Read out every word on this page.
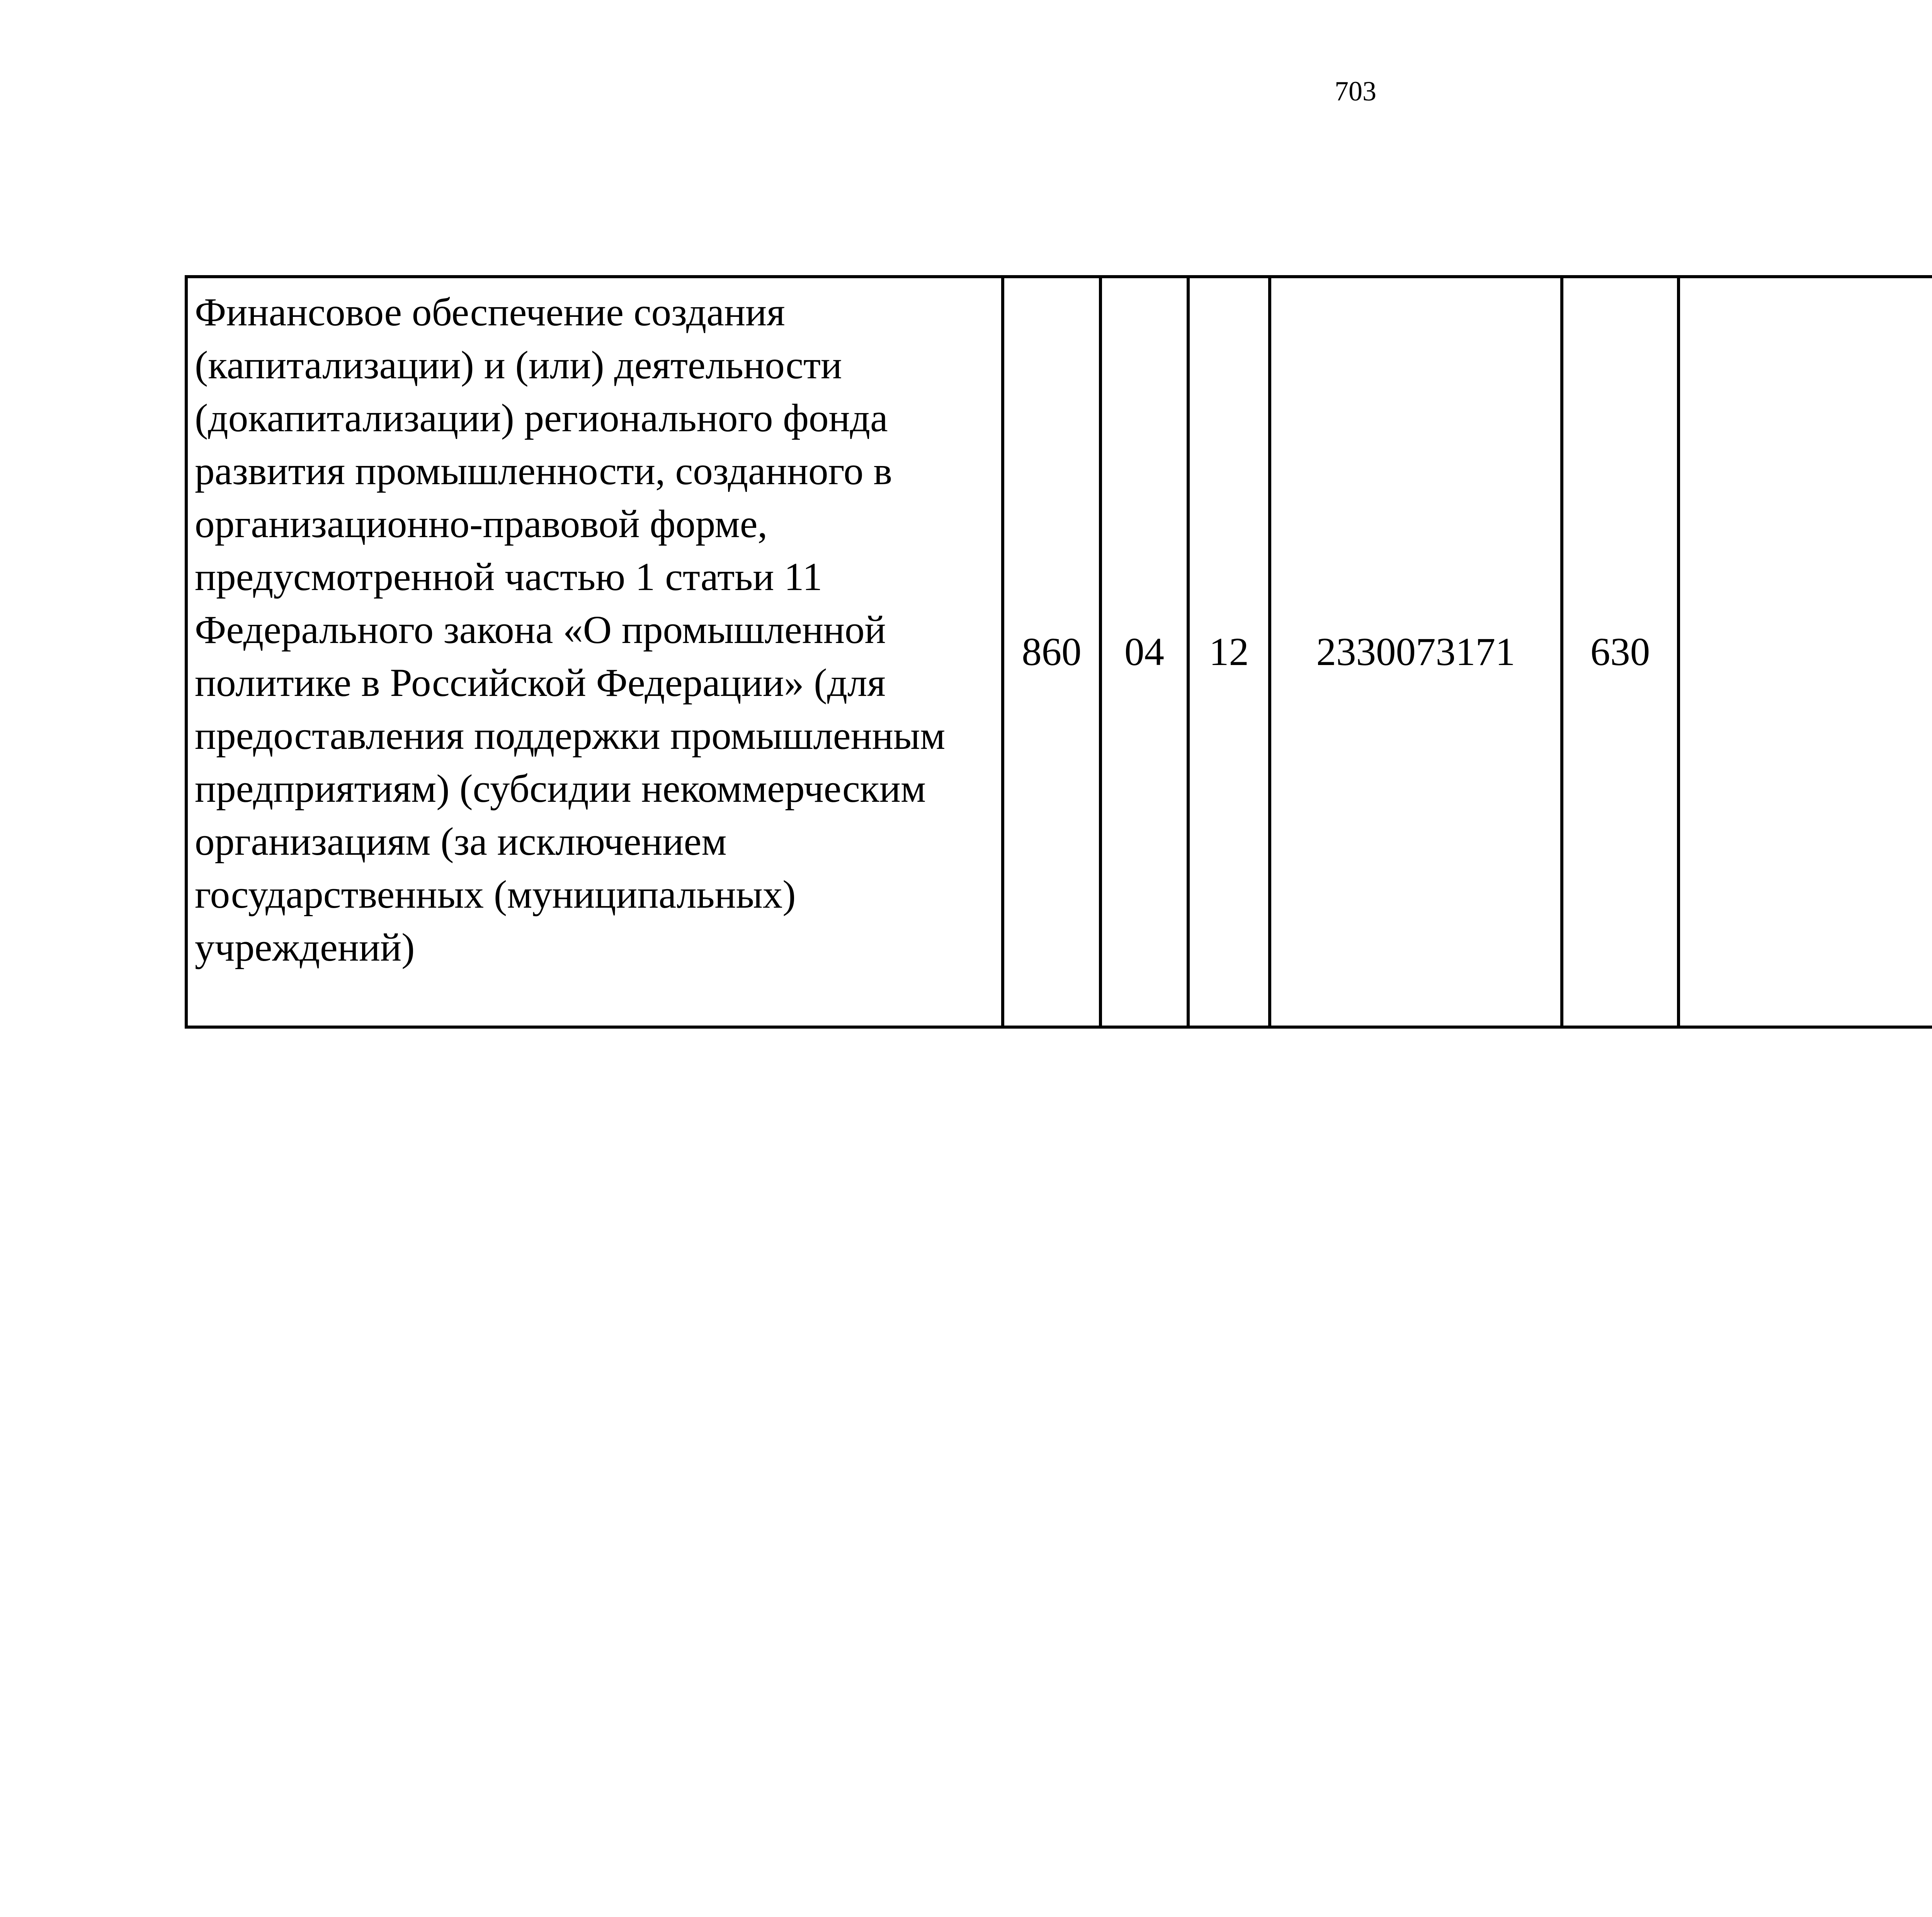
703
Финансовое обеспечение создания
(капитализации) и (или) деятельности
(докапитализации) регионального фонда
развития промышленности, созданного в
организационно-правовой форме,
предусмотренной частью 1 статьи 11
Федерального закона «О промышленной
политике в Российской Федерации» (для
предоставления поддержки промышленным
предприятиям) (субсидии некоммерческим
организациям (за исключением
государственных (муниципальных)
учреждений)	860	04	12	2330073171	630			
